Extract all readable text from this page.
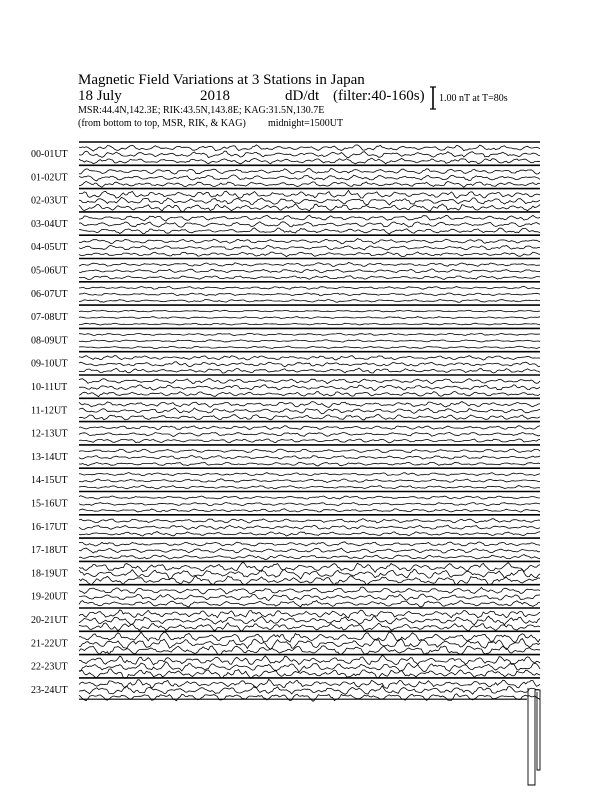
Magnetic Field Variations at 3 Stations in Japan
18 July	2018	dD/dt (filter:40-160s)
MSR:44.4N,142.3E; RIK:43.5N,143.8E; KAG:31.5N,130.7E
(from bottom to top, MSR, RIK, & KAG) midnight=1500UT
1.00 nT at T=80s
00-01UT
01-02UT
02-03UT
03-04UT
04-05UT
05-06UT
06-07UT
07-08UT
08-09UT
09-10UT
10-11UT
11-12UT
12-13UT
13-14UT
14-15UT
15-16UT
16-17UT
17-18UT
18-19UT
19-20UT
20-21UT
21-22UT
22-23UT
23-24UT
